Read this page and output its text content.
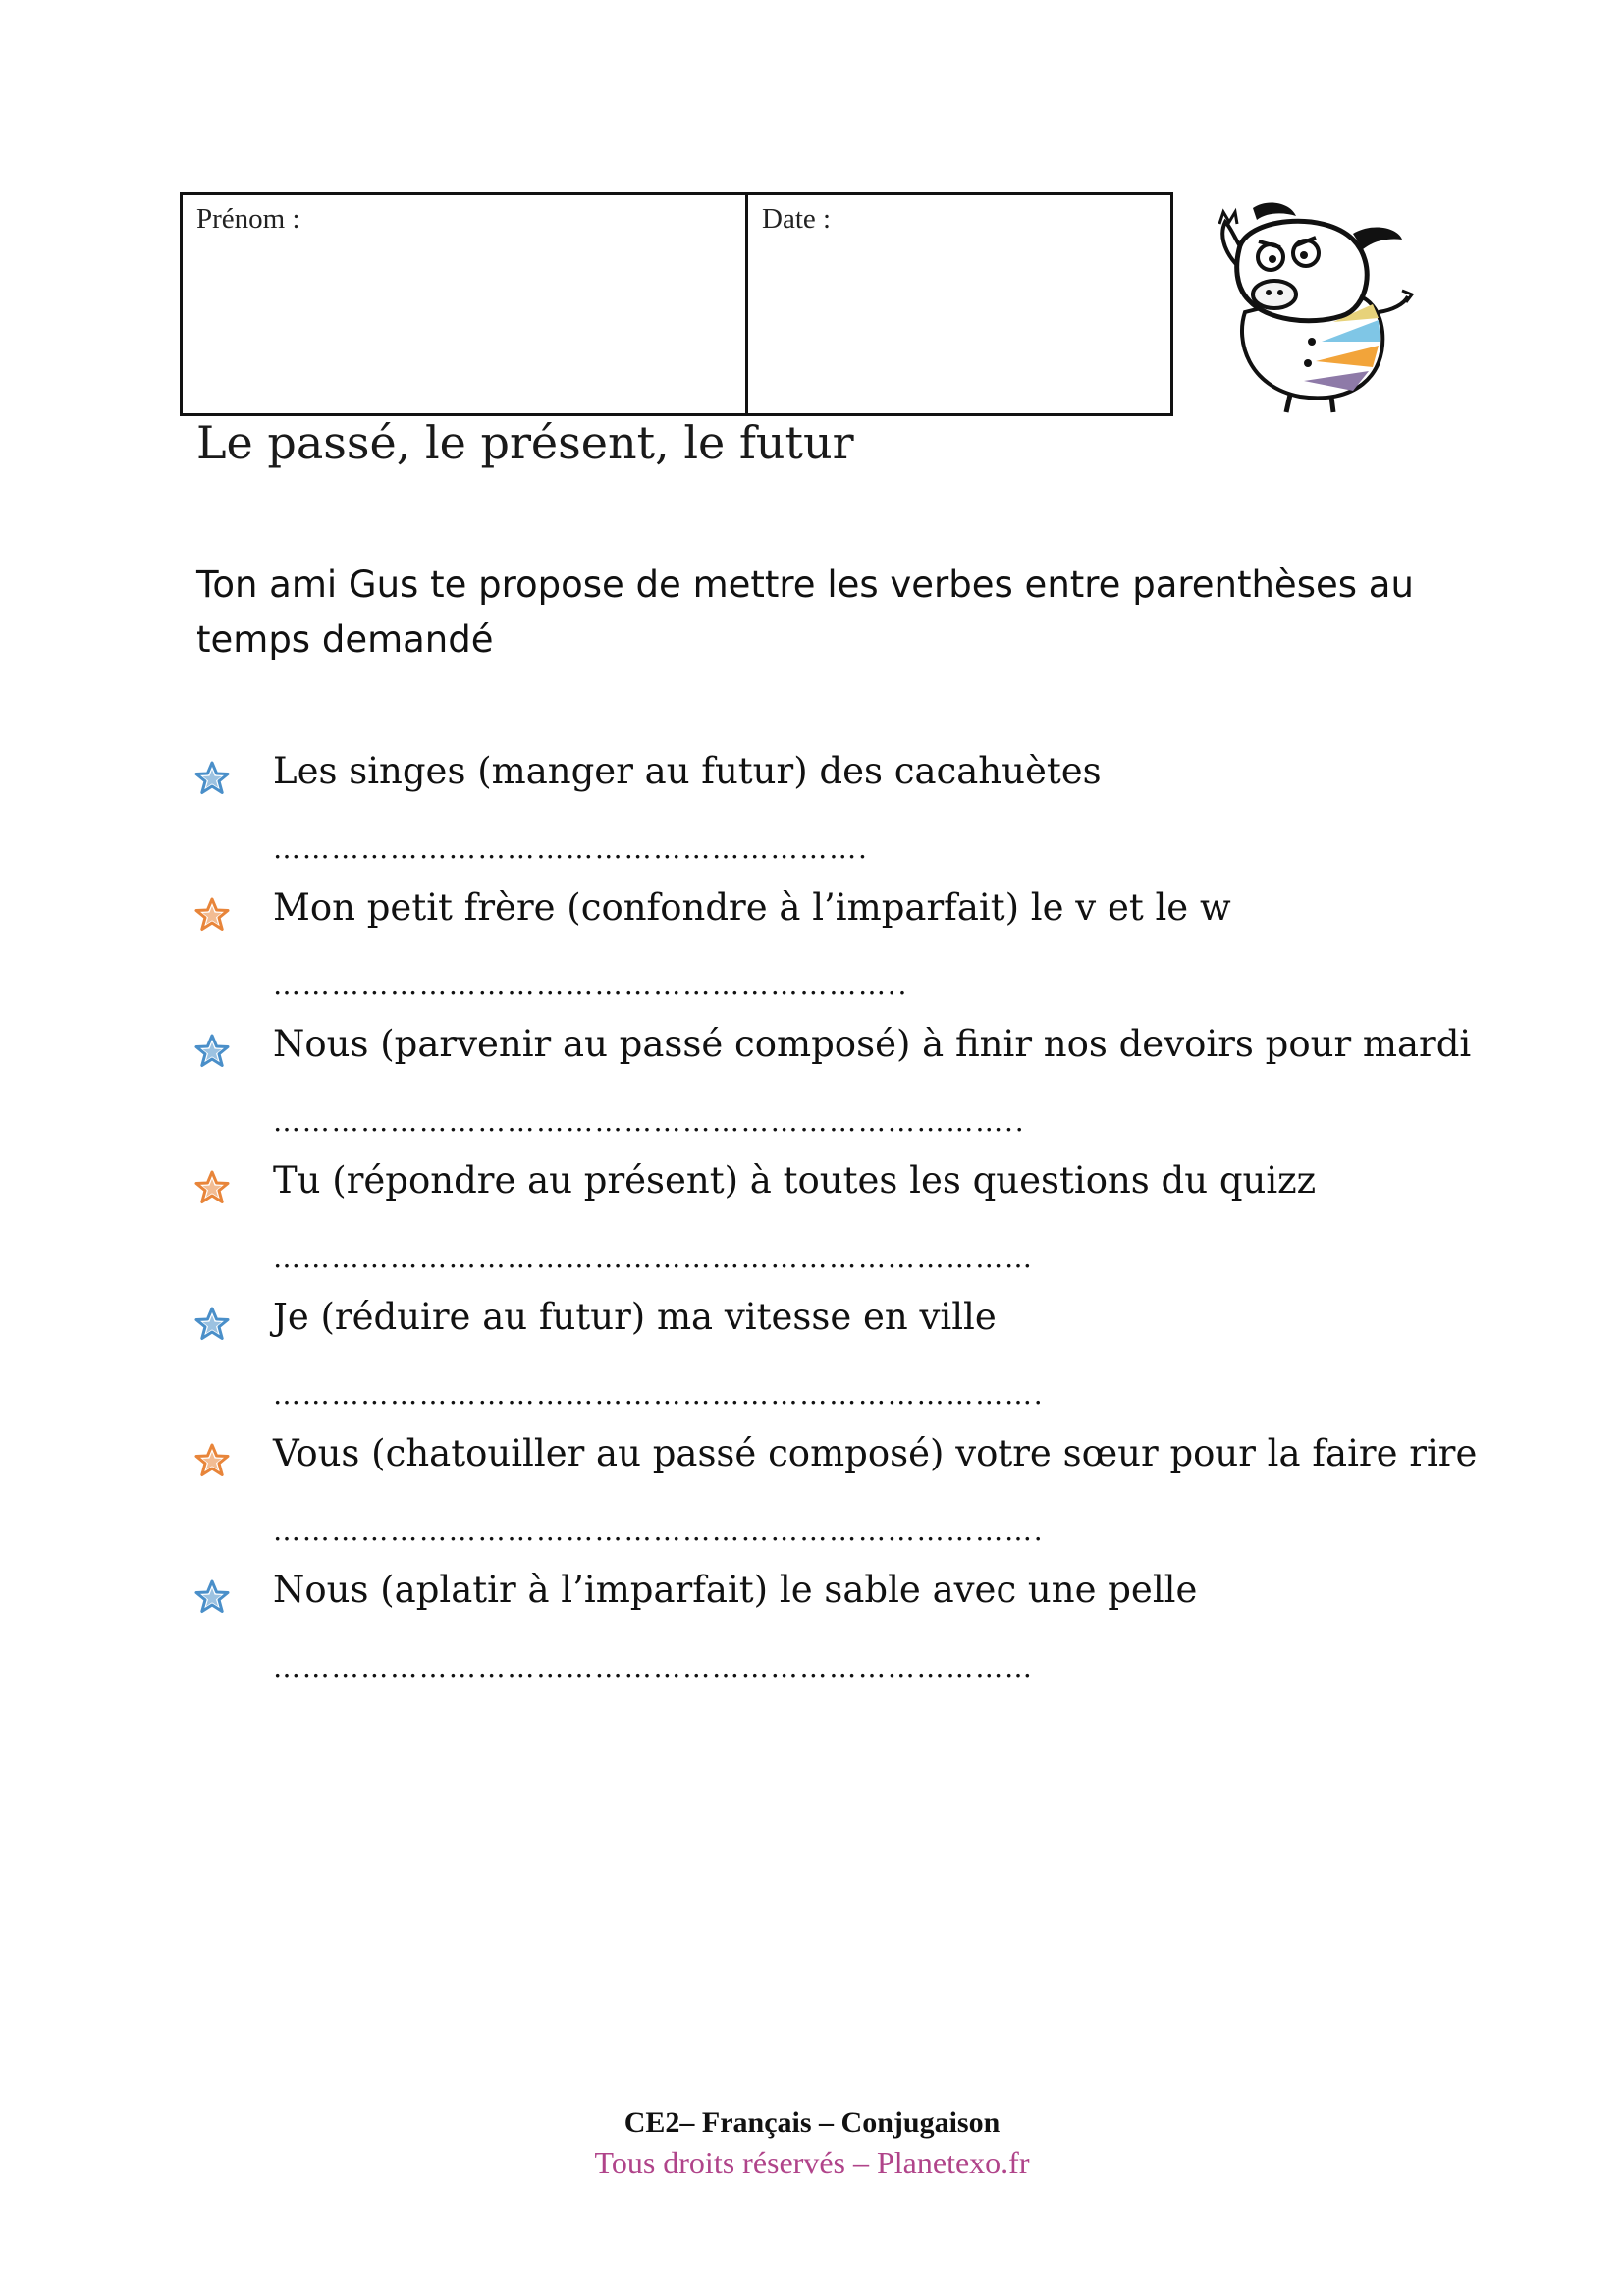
Prénom :	Date :
Le passé, le présent, le futur
Ton ami Gus te propose de mettre les verbes entre parenthèses au temps demandé
Les singes (manger au futur) des cacahuètes
…………………………………………………….
Mon petit frère (confondre à l’imparfait) le v et le w
………………………………………………………..
Nous (parvenir au passé composé) à finir nos devoirs pour mardi
…………………………………………………………………..
Tu (répondre au présent) à toutes les questions du quizz
……………………………………………………………………
Je (réduire au futur) ma vitesse en ville
…………………………………………………………………….
Vous (chatouiller au passé composé) votre sœur pour la faire rire
…………………………………………………………………….
Nous (aplatir à l’imparfait) le sable avec une pelle
……………………………………………………………………
CE2– Français – Conjugaison
Tous droits réservés – Planetexo.fr
